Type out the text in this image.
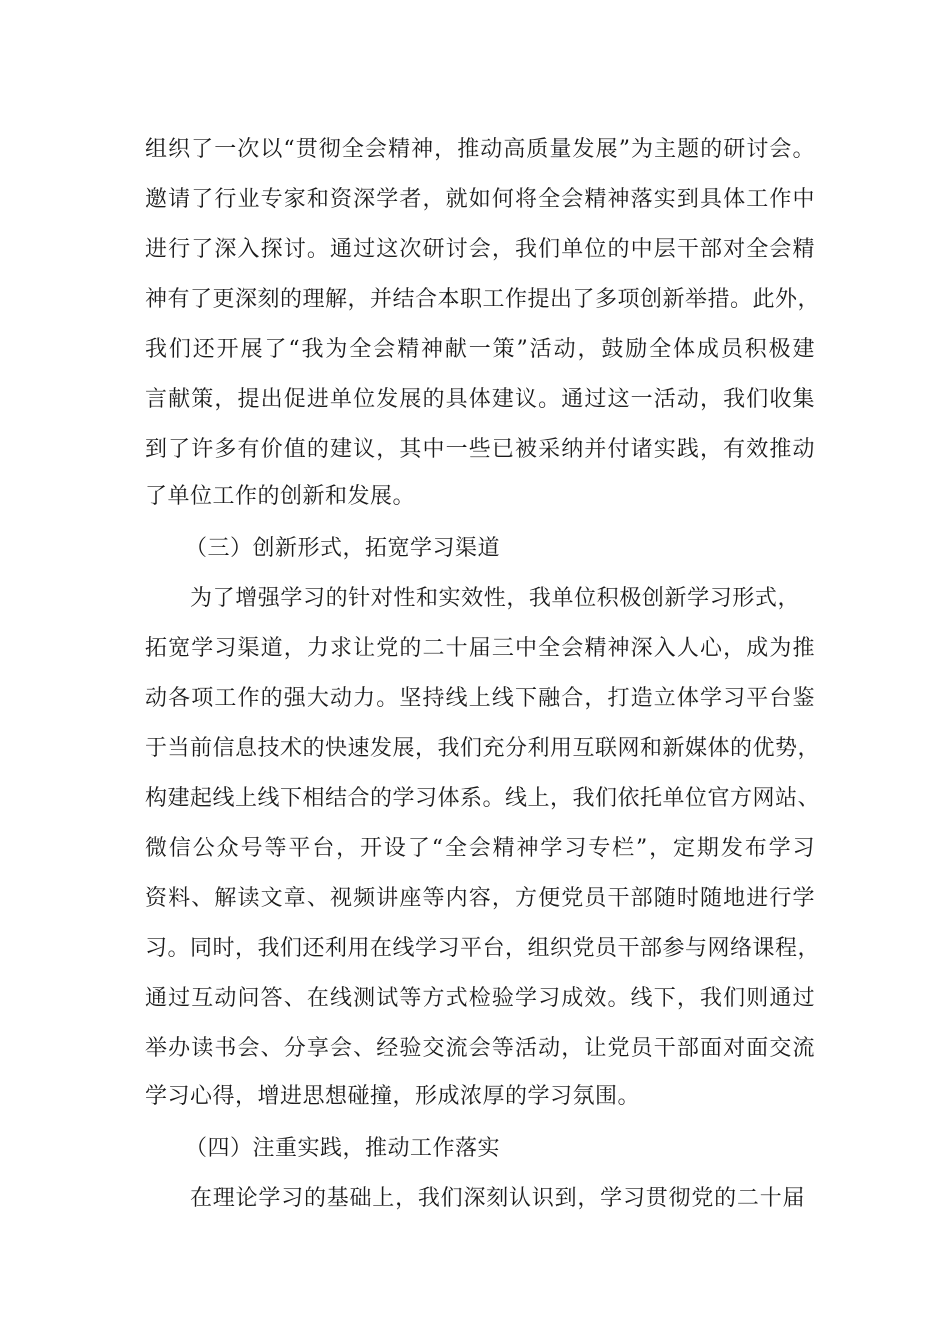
组织了一次以“贯彻全会精神，推动高质量发展”为主题的研讨会。
邀请了行业专家和资深学者，就如何将全会精神落实到具体工作中
进行了深入探讨。通过这次研讨会，我们单位的中层干部对全会精
神有了更深刻的理解，并结合本职工作提出了多项创新举措。此外，
我们还开展了“我为全会精神献一策”活动，鼓励全体成员积极建
言献策，提出促进单位发展的具体建议。通过这一活动，我们收集
到了许多有价值的建议，其中一些已被采纳并付诸实践，有效推动
了单位工作的创新和发展。
（三）创新形式，拓宽学习渠道
为了增强学习的针对性和实效性，我单位积极创新学习形式，
拓宽学习渠道，力求让党的二十届三中全会精神深入人心，成为推
动各项工作的强大动力。坚持线上线下融合，打造立体学习平台鉴
于当前信息技术的快速发展，我们充分利用互联网和新媒体的优势，
构建起线上线下相结合的学习体系。线上，我们依托单位官方网站、
微信公众号等平台，开设了“全会精神学习专栏”，定期发布学习
资料、解读文章、视频讲座等内容，方便党员干部随时随地进行学
习。同时，我们还利用在线学习平台，组织党员干部参与网络课程，
通过互动问答、在线测试等方式检验学习成效。线下，我们则通过
举办读书会、分享会、经验交流会等活动，让党员干部面对面交流
学习心得，增进思想碰撞，形成浓厚的学习氛围。
（四）注重实践，推动工作落实
在理论学习的基础上，我们深刻认识到，学习贯彻党的二十届
